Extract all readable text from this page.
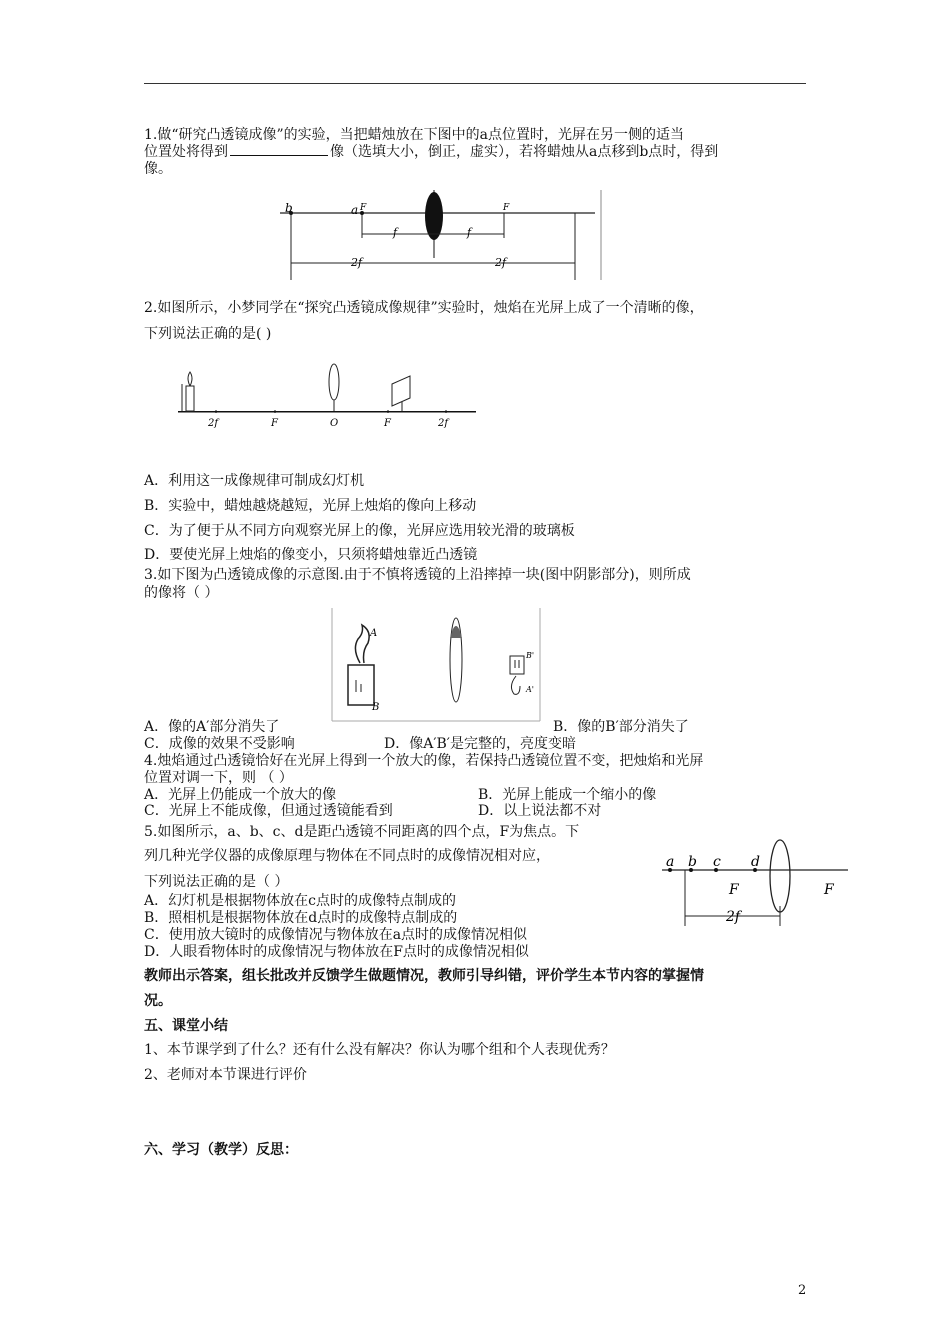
1.做“研究凸透镜成像”的实验，当把蜡烛放在下图中的a点位置时，光屏在另一侧的适当
位置处将得到	像（选填大小，倒正，虚实），若将蜡烛从a点移到b点时，得到
像。
b	a F	F
f	f
2f	2f
2.如图所示，小梦同学在“探究凸透镜成像规律”实验时，烛焰在光屏上成了一个清晰的像，
下列说法正确的是( )
2f	F	O	F	2f
A．利用这一成像规律可制成幻灯机
B．实验中，蜡烛越烧越短，光屏上烛焰的像向上移动
C．为了便于从不同方向观察光屏上的像，光屏应选用较光滑的玻璃板
D．要使光屏上烛焰的像变小，只须将蜡烛靠近凸透镜
3.如下图为凸透镜成像的示意图.由于不慎将透镜的上沿摔掉一块(图中阴影部分)，则所成
的像将（ ）
A
B
B'
A'
A．像的A′部分消失了	B．像的B′部分消失了
C．成像的效果不受影响	D．像A′B′是完整的，亮度变暗
4.烛焰通过凸透镜恰好在光屏上得到一个放大的像，若保持凸透镜位置不变，把烛焰和光屏
位置对调一下，则 （ ）
A．光屏上仍能成一个放大的像	B．光屏上能成一个缩小的像
C．光屏上不能成像，但通过透镜能看到	D．以上说法都不对
5.如图所示，a、b、c、d是距凸透镜不同距离的四个点，F为焦点。下
列几种光学仪器的成像原理与物体在不同点时的成像情况相对应，
下列说法正确的是（ ）
A．幻灯机是根据物体放在c点时的成像特点制成的
B．照相机是根据物体放在d点时的成像特点制成的
C．使用放大镜时的成像情况与物体放在a点时的成像情况相似
D．人眼看物体时的成像情况与物体放在F点时的成像情况相似
a b c d
F	F
2f
教师出示答案，组长批改并反馈学生做题情况，教师引导纠错，评价学生本节内容的掌握情
况。
五、课堂小结
1、本节课学到了什么？还有什么没有解决？你认为哪个组和个人表现优秀？
2、老师对本节课进行评价
六、学习（教学）反思：
2
